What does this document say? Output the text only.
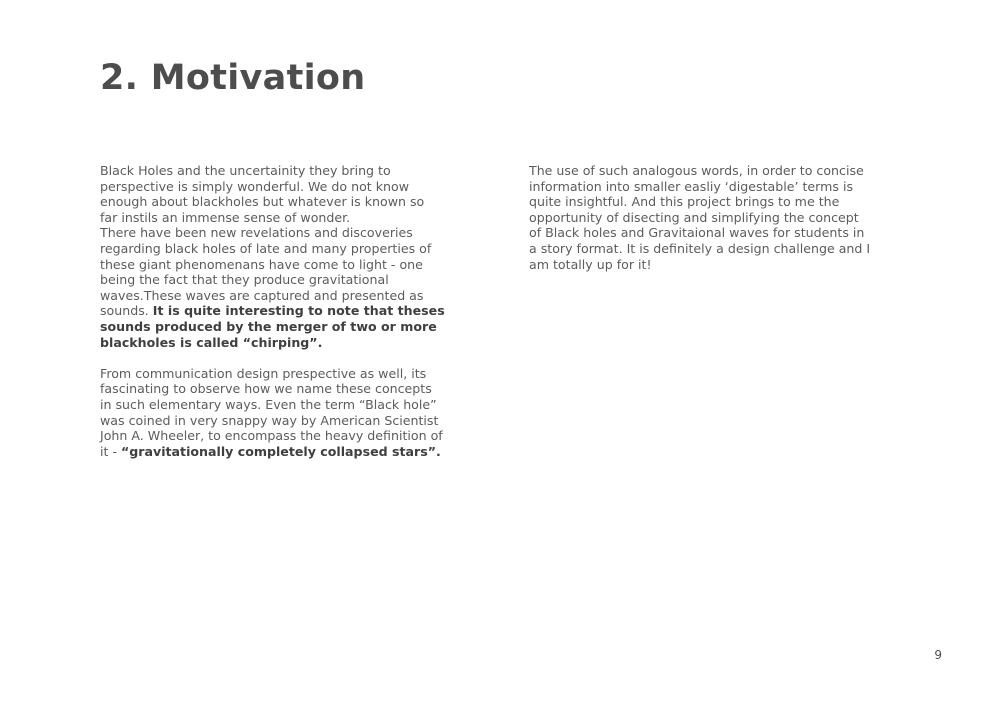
2. Motivation

Black Holes and the uncertainity they bring to perspective is simply wonderful. We do not know enough about blackholes but whatever is known so far instils an immense sense of wonder.

There have been new revelations and discoveries regarding black holes of late and many properties of these giant phenomenans have come to light - one being the fact that they produce gravitational waves.These waves are captured and presented as sounds. It is quite interesting to note that theses sounds produced by the merger of two or more blackholes is called “chirping”.

From communication design prespective as well, its fascinating to observe how we name these concepts in such elementary ways. Even the term “Black hole” was coined in very snappy way by American Scientist John A. Wheeler, to encompass the heavy definition of it - “gravitationally completely collapsed stars”.

The use of such analogous words, in order to concise information into smaller easliy ‘digestable’ terms is quite insightful. And this project brings to me the opportunity of disecting and simplifying the concept of Black holes and Gravitaional waves for students in a story format. It is definitely a design challenge and I am totally up for it!

9
